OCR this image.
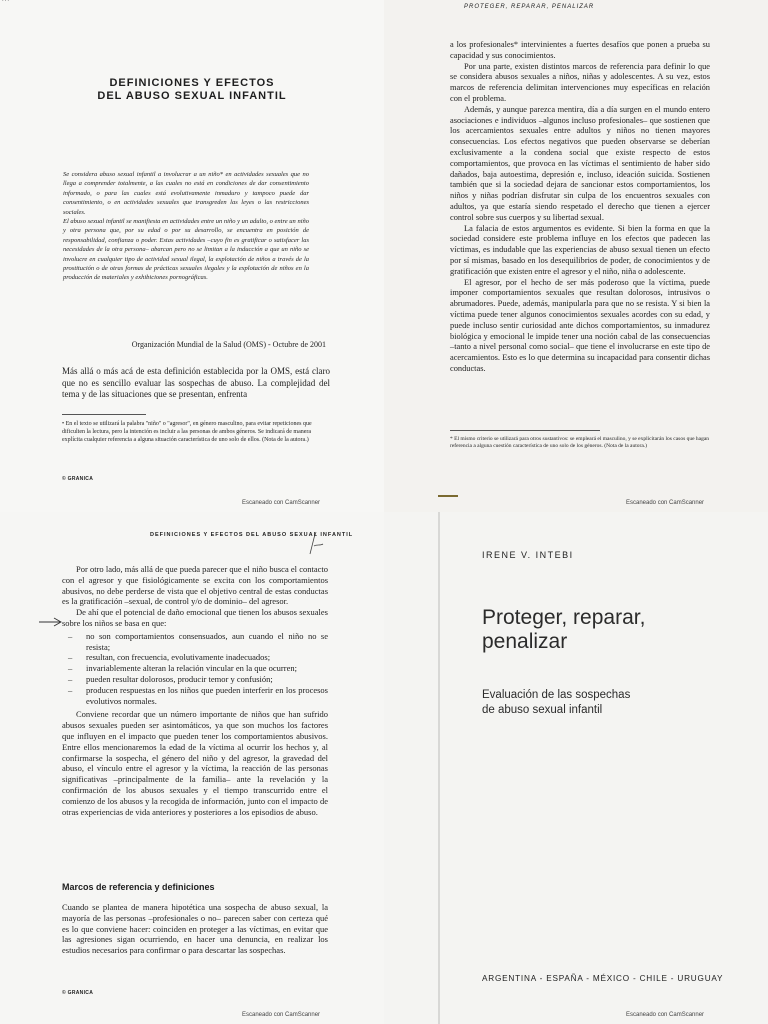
...
DEFINICIONES Y EFECTOS
DEL ABUSO SEXUAL INFANTIL

Se considera abuso sexual infantil a involucrar a un niño* en actividades sexuales que no llega a comprender totalmente, a las cuales no está en condiciones de dar consentimiento informado, o para las cuales está evolutivamente inmaduro y tampoco puede dar consentimiento, o en actividades sexuales que transgreden las leyes o las restricciones sociales.

El abuso sexual infantil se manifiesta en actividades entre un niño y un adulto, o entre un niño y otra persona que, por su edad o por su desarrollo, se encuentra en posición de responsabilidad, confianza o poder. Estas actividades –cuyo fin es gratificar o satisfacer las necesidades de la otra persona– abarcan pero no se limitan a la inducción a que un niño se involucre en cualquier tipo de actividad sexual ilegal, la explotación de niños a través de la prostitución o de otras formas de prácticas sexuales ilegales y la explotación de niños en la producción de materiales y exhibiciones pornográficas.

Organización Mundial de la Salud (OMS) - Octubre de 2001
Más allá o más acá de esta definición establecida por la OMS, está claro que no es sencillo evaluar las sospechas de abuso. La complejidad del tema y de las situaciones que se presentan, enfrenta
• En el texto se utilizará la palabra "niño" o "agresor", en género masculino, para evitar repeticiones que dificulten la lectura, pero la intención es incluir a las personas de ambos géneros. Se indicará de manera explícita cualquier referencia a alguna situación característica de uno solo de ellos. (Nota de la autora.)
© GRANICA
Escaneado con CamScanner
PROTEGER, REPARAR, PENALIZAR

a los profesionales* intervinientes a fuertes desafíos que ponen a prueba su capacidad y sus conocimientos.

Por una parte, existen distintos marcos de referencia para definir lo que se considera abusos sexuales a niños, niñas y adolescentes. A su vez, estos marcos de referencia delimitan intervenciones muy específicas en relación con el problema.

Además, y aunque parezca mentira, día a día surgen en el mundo entero asociaciones e individuos –algunos incluso profesionales– que sostienen que los acercamientos sexuales entre adultos y niños no tienen mayores consecuencias. Los efectos negativos que pueden observarse se deberían exclusivamente a la condena social que existe respecto de estos comportamientos, que provoca en las víctimas el sentimiento de haber sido dañados, baja autoestima, depresión e, incluso, ideación suicida. Sostienen también que si la sociedad dejara de sancionar estos comportamientos, los niños y niñas podrían disfrutar sin culpa de los encuentros sexuales con adultos, ya que estaría siendo respetado el derecho que tienen a ejercer control sobre sus cuerpos y su libertad sexual.

La falacia de estos argumentos es evidente. Si bien la forma en que la sociedad considere este problema influye en los efectos que padecen las víctimas, es indudable que las experiencias de abuso sexual tienen un efecto por sí mismas, basado en los desequilibrios de poder, de conocimientos y de gratificación que existen entre el agresor y el niño, niña o adolescente.

El agresor, por el hecho de ser más poderoso que la víctima, puede imponer comportamientos sexuales que resultan dolorosos, intrusivos o abrumadores. Puede, además, manipularla para que no se resista. Y si bien la víctima puede tener algunos conocimientos sexuales acordes con su edad, y puede incluso sentir curiosidad ante dichos comportamientos, su inmadurez biológica y emocional le impide tener una noción cabal de las consecuencias –tanto a nivel personal como social– que tiene el involucrarse en este tipo de acercamientos. Esto es lo que determina su incapacidad para consentir dichas conductas.

* El mismo criterio se utilizará para otros sustantivos: se empleará el masculino, y se explicitarán los casos que hagan referencia a alguna cuestión característica de uno solo de los géneros. (Nota de la autora.)
Escaneado con CamScanner
DEFINICIONES Y EFECTOS DEL ABUSO SEXUAL INFANTIL

Por otro lado, más allá de que pueda parecer que el niño busca el contacto con el agresor y que fisiológicamente se excita con los comportamientos abusivos, no debe perderse de vista que el objetivo central de estas conductas es la gratificación –sexual, de control y/o de dominio– del agresor.

De ahí que el potencial de daño emocional que tienen los abusos sexuales sobre los niños se basa en que:

– no son comportamientos consensuados, aun cuando el niño no se resista;
– resultan, con frecuencia, evolutivamente inadecuados;
– invariablemente alteran la relación vincular en la que ocurren;
– pueden resultar dolorosos, producir temor y confusión;
– producen respuestas en los niños que pueden interferir en los procesos evolutivos normales.

Conviene recordar que un número importante de niños que han sufrido abusos sexuales pueden ser asintomáticos, ya que son muchos los factores que influyen en el impacto que pueden tener los comportamientos abusivos. Entre ellos mencionaremos la edad de la víctima al ocurrir los hechos y, al confirmarse la sospecha, el género del niño y del agresor, la gravedad del abuso, el vínculo entre el agresor y la víctima, la reacción de las personas significativas –principalmente de la familia– ante la revelación y la confirmación de los abusos sexuales y el tiempo transcurrido entre el comienzo de los abusos y la recogida de información, junto con el impacto de otras experiencias de vida anteriores y posteriores a los episodios de abuso.

Marcos de referencia y definiciones
Cuando se plantea de manera hipotética una sospecha de abuso sexual, la mayoría de las personas –profesionales o no– parecen saber con certeza qué es lo que conviene hacer: coinciden en proteger a las víctimas, en evitar que las agresiones sigan ocurriendo, en hacer una denuncia, en realizar los estudios necesarios para confirmar o para descartar las sospechas.
© GRANICA
Escaneado con CamScanner
IRENE V. INTEBI
Proteger, reparar, penalizar
Evaluación de las sospechas
de abuso sexual infantil
ARGENTINA - ESPAÑA - MÉXICO - CHILE - URUGUAY
Escaneado con CamScanner
